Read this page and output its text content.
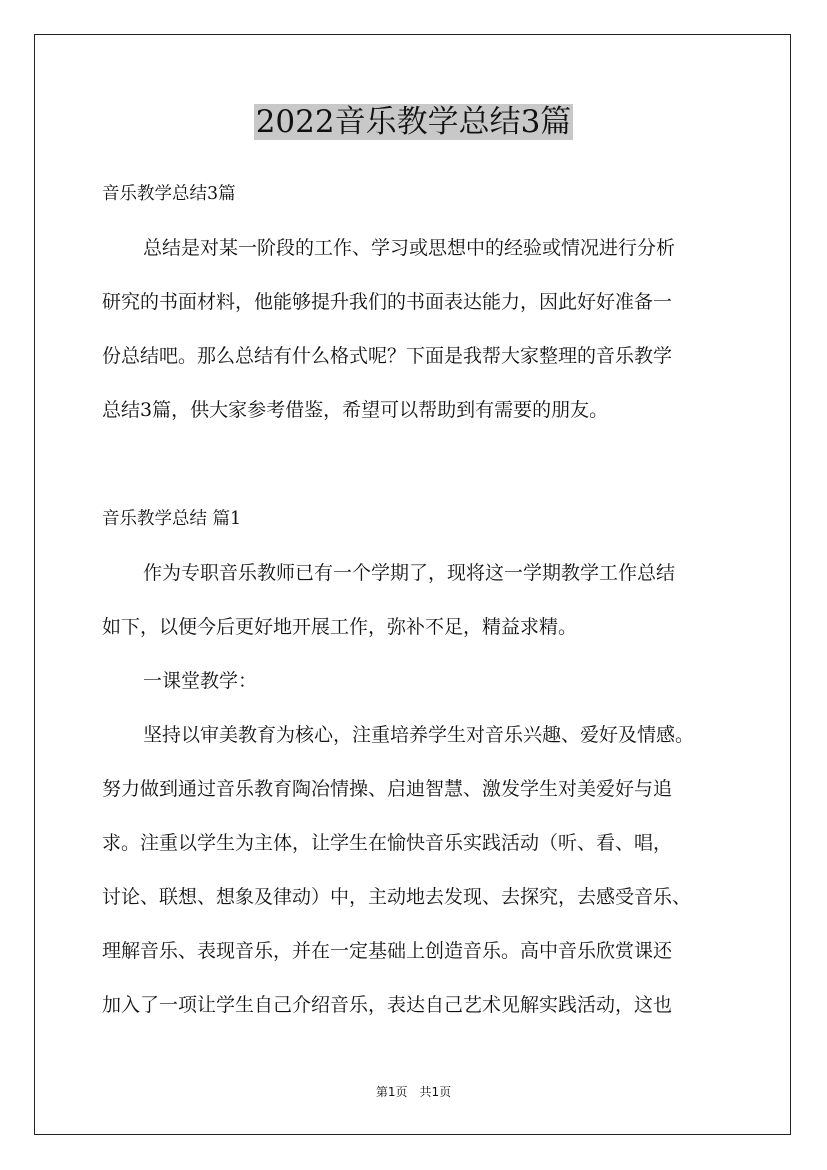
2022音乐教学总结3篇
音乐教学总结3篇
总结是对某一阶段的工作、学习或思想中的经验或情况进行分析
研究的书面材料，他能够提升我们的书面表达能力，因此好好准备一
份总结吧。那么总结有什么格式呢？下面是我帮大家整理的音乐教学
总结3篇，供大家参考借鉴，希望可以帮助到有需要的朋友。
音乐教学总结 篇1
作为专职音乐教师已有一个学期了，现将这一学期教学工作总结
如下，以便今后更好地开展工作，弥补不足，精益求精。
一课堂教学：
坚持以审美教育为核心，注重培养学生对音乐兴趣、爱好及情感。
努力做到通过音乐教育陶冶情操、启迪智慧、激发学生对美爱好与追
求。注重以学生为主体，让学生在愉快音乐实践活动（听、看、唱，
讨论、联想、想象及律动）中，主动地去发现、去探究，去感受音乐、
理解音乐、表现音乐，并在一定基础上创造音乐。高中音乐欣赏课还
加入了一项让学生自己介绍音乐，表达自己艺术见解实践活动，这也
第1页　共1页
